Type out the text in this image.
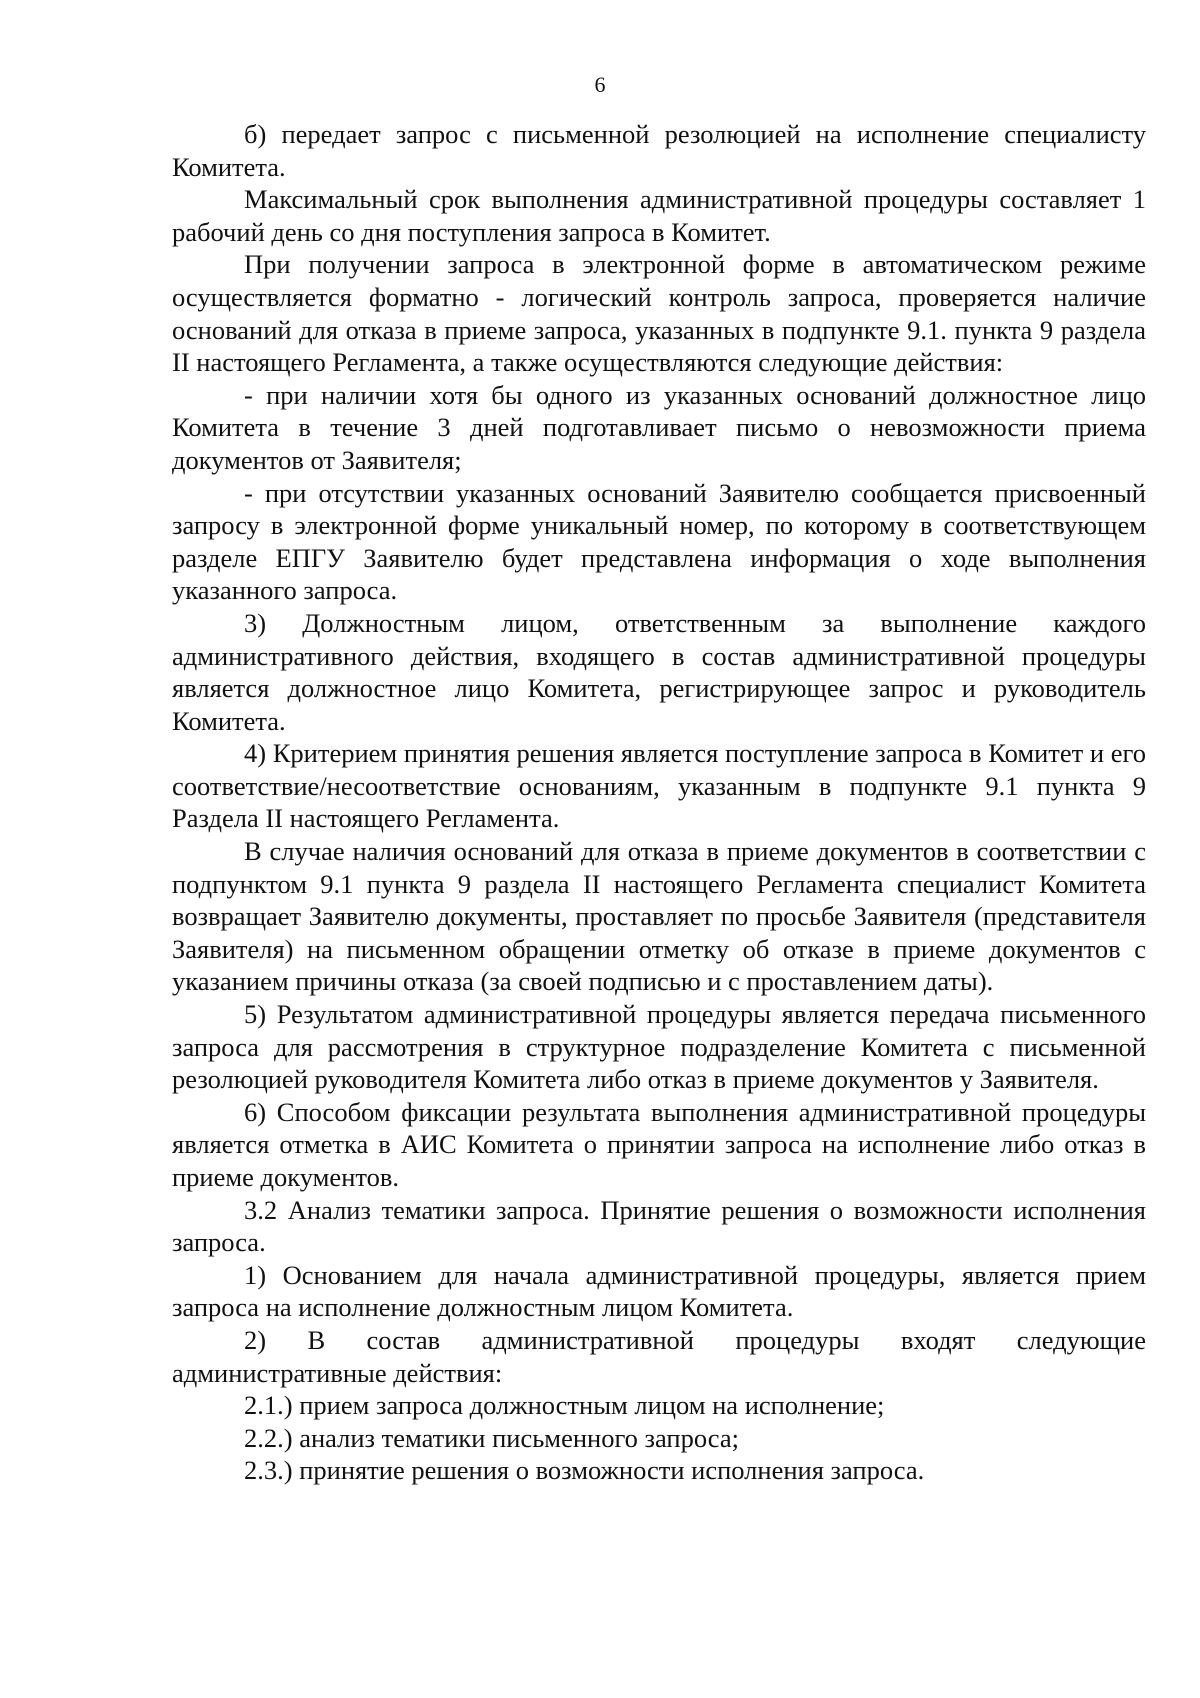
6

б) передает запрос с письменной резолюцией на исполнение специалисту Комитета.

Максимальный срок выполнения административной процедуры составляет 1 рабочий день со дня поступления запроса в Комитет.

При получении запроса в электронной форме в автоматическом режиме осуществляется форматно - логический контроль запроса, проверяется наличие оснований для отказа в приеме запроса, указанных в подпункте 9.1. пункта 9 раздела II настоящего Регламента, а также осуществляются следующие действия:

- при наличии хотя бы одного из указанных оснований должностное лицо Комитета в течение 3 дней подготавливает письмо о невозможности приема документов от Заявителя;

- при отсутствии указанных оснований Заявителю сообщается присвоенный запросу в электронной форме уникальный номер, по которому в соответствующем разделе ЕПГУ Заявителю будет представлена информация о ходе выполнения указанного запроса.

3) Должностным лицом, ответственным за выполнение каждого административного действия, входящего в состав административной процедуры является должностное лицо Комитета, регистрирующее запрос и руководитель Комитета.

4) Критерием принятия решения является поступление запроса в Комитет и его соответствие/несоответствие основаниям, указанным в подпункте 9.1 пункта 9 Раздела II настоящего Регламента.

В случае наличия оснований для отказа в приеме документов в соответствии с подпунктом 9.1 пункта 9 раздела II настоящего Регламента специалист Комитета возвращает Заявителю документы, проставляет по просьбе Заявителя (представителя Заявителя) на письменном обращении отметку об отказе в приеме документов с указанием причины отказа (за своей подписью и с проставлением даты).

5) Результатом административной процедуры является передача письменного запроса для рассмотрения в структурное подразделение Комитета с письменной резолюцией руководителя Комитета либо отказ в приеме документов у Заявителя.

6) Способом фиксации результата выполнения административной процедуры является отметка в АИС Комитета о принятии запроса на исполнение либо отказ в приеме документов.

3.2 Анализ тематики запроса. Принятие решения о возможности исполнения запроса.

1) Основанием для начала административной процедуры, является прием запроса на исполнение должностным лицом Комитета.

2) В состав административной процедуры входят следующие административные действия:

2.1.) прием запроса должностным лицом на исполнение;

2.2.) анализ тематики письменного запроса;

2.3.) принятие решения о возможности исполнения запроса.
